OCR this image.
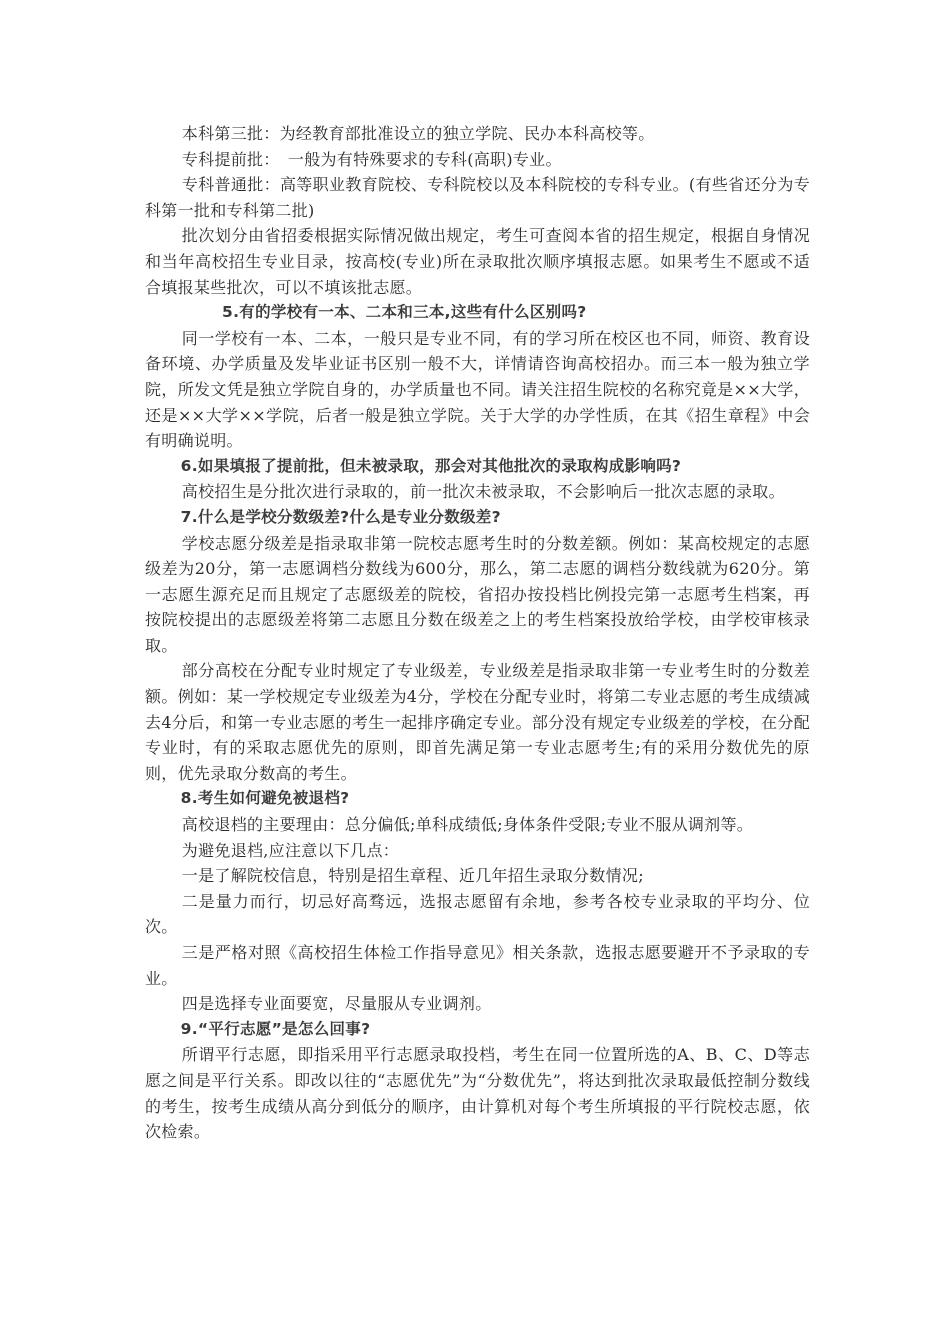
本科第三批：为经教育部批准设立的独立学院、民办本科高校等。

专科提前批：　一般为有特殊要求的专科(高职)专业。

专科普通批：高等职业教育院校、专科院校以及本科院校的专科专业。(有些省还分为专科第一批和专科第二批)

批次划分由省招委根据实际情况做出规定，考生可查阅本省的招生规定，根据自身情况和当年高校招生专业目录，按高校(专业)所在录取批次顺序填报志愿。如果考生不愿或不适合填报某些批次，可以不填该批志愿。

5.有的学校有一本、二本和三本,这些有什么区别吗?

同一学校有一本、二本，一般只是专业不同，有的学习所在校区也不同，师资、教育设备环境、办学质量及发毕业证书区别一般不大，详情请咨询高校招办。而三本一般为独立学院，所发文凭是独立学院自身的，办学质量也不同。请关注招生院校的名称究竟是××大学，还是××大学××学院，后者一般是独立学院。关于大学的办学性质，在其《招生章程》中会有明确说明。

6.如果填报了提前批，但未被录取，那会对其他批次的录取构成影响吗?

高校招生是分批次进行录取的，前一批次未被录取，不会影响后一批次志愿的录取。

7.什么是学校分数级差?什么是专业分数级差?

学校志愿分级差是指录取非第一院校志愿考生时的分数差额。例如：某高校规定的志愿级差为20分，第一志愿调档分数线为600分，那么，第二志愿的调档分数线就为620分。第一志愿生源充足而且规定了志愿级差的院校，省招办按投档比例投完第一志愿考生档案，再按院校提出的志愿级差将第二志愿且分数在级差之上的考生档案投放给学校，由学校审核录取。

部分高校在分配专业时规定了专业级差，专业级差是指录取非第一专业考生时的分数差额。例如：某一学校规定专业级差为4分，学校在分配专业时，将第二专业志愿的考生成绩减去4分后，和第一专业志愿的考生一起排序确定专业。部分没有规定专业级差的学校，在分配专业时，有的采取志愿优先的原则，即首先满足第一专业志愿考生;有的采用分数优先的原则，优先录取分数高的考生。

8.考生如何避免被退档?

高校退档的主要理由：总分偏低;单科成绩低;身体条件受限;专业不服从调剂等。

为避免退档,应注意以下几点：

一是了解院校信息，特别是招生章程、近几年招生录取分数情况;

二是量力而行，切忌好高骛远，选报志愿留有余地，参考各校专业录取的平均分、位次。

三是严格对照《高校招生体检工作指导意见》相关条款，选报志愿要避开不予录取的专业。

四是选择专业面要宽，尽量服从专业调剂。

9.“平行志愿”是怎么回事?

所谓平行志愿，即指采用平行志愿录取投档，考生在同一位置所选的A、B、C、D等志愿之间是平行关系。即改以往的“志愿优先”为“分数优先”，将达到批次录取最低控制分数线的考生，按考生成绩从高分到低分的顺序，由计算机对每个考生所填报的平行院校志愿，依次检索。
